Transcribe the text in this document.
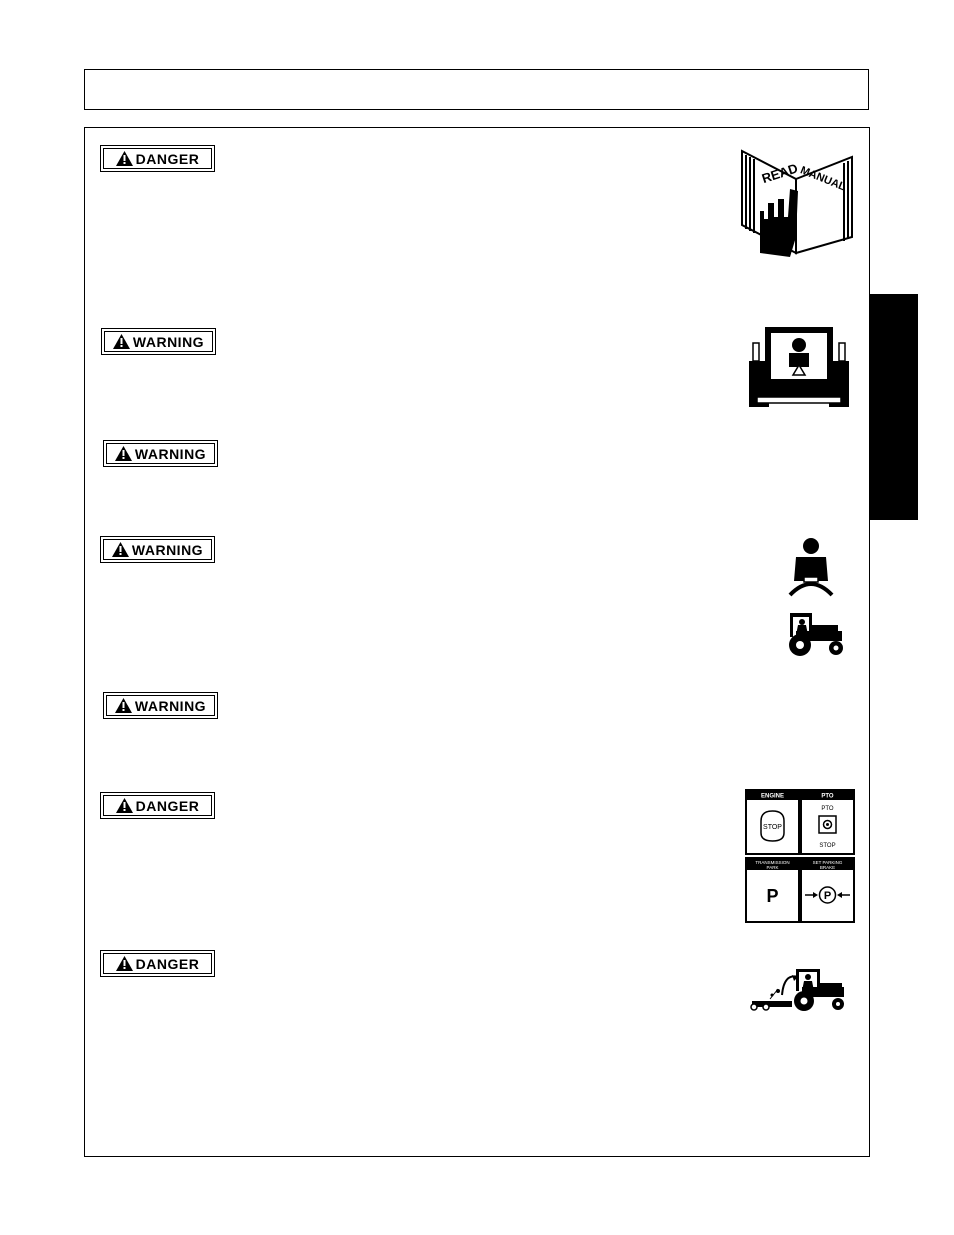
DANGER
WARNING
WARNING
WARNING
WARNING
DANGER
DANGER
READ
MANUAL
ENGINE
STOP
PTO
PTO
STOP
TRANSMISSION
PARK
P
SET PARKING
BRAKE
P
